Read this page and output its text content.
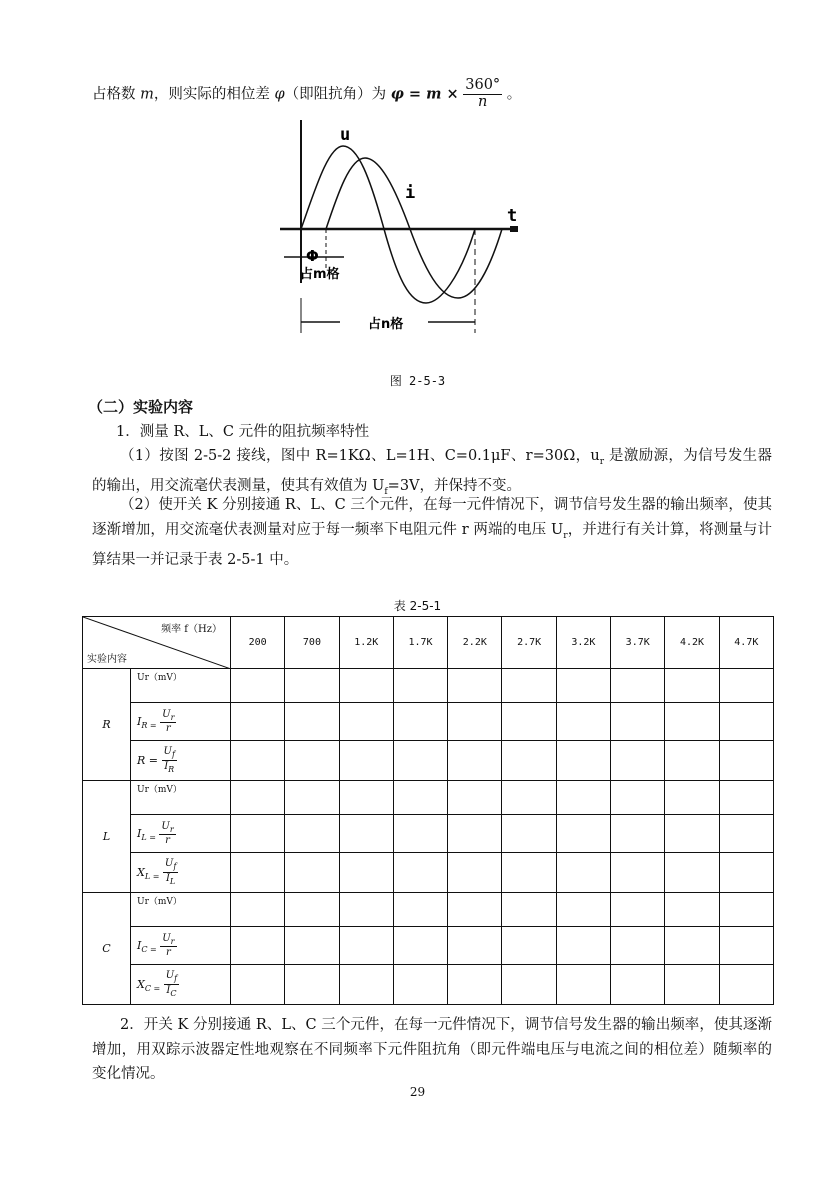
占格数 m，则实际的相位差 φ（即阻抗角）为 $\varphi = m \times \frac{360^\circ}{n}$ 。
u
i
t
Φ
占m格
占n格
图 2-5-3
（二）实验内容
1．测量 R、L、C 元件的阻抗频率特性
（1）按图 2-5-2 接线，图中 R=1KΩ、L=1H、C=0.1μF、r=30Ω，$u_r$ 是激励源，为信号发生器的输出，用交流毫伏表测量，使其有效值为 $U_f=3V$，并保持不变。
（2）使开关 K 分别接通 R、L、C 三个元件，在每一元件情况下，调节信号发生器的输出频率，使其逐渐增加，用交流毫伏表测量对应于每一频率下电阻元件 r 两端的电压 $U_r$，并进行有关计算，将测量与计算结果一并记录于表 2-5-1 中。
表 2-5-1
频率 f（Hz）
实验内容		200	700	1.2K	1.7K	2.2K	2.7K	3.2K	3.7K	4.2K	4.7K
R	Ur（mV）										

	$I_{R =} \frac{U_r}{r}$

	$R = \frac{U_f}{I_R}$

L	Ur（mV）										

	$I_{L =} \frac{U_r}{r}$

	$X_{L =} \frac{U_f}{I_L}$

C	Ur（mV）										

	$I_{C =} \frac{U_r}{r}$

	$X_{C =} \frac{U_f}{I_C}$

2．开关 K 分别接通 R、L、C 三个元件，在每一元件情况下，调节信号发生器的输出频率，使其逐渐增加，用双踪示波器定性地观察在不同频率下元件阻抗角（即元件端电压与电流之间的相位差）随频率的变化情况。
29
